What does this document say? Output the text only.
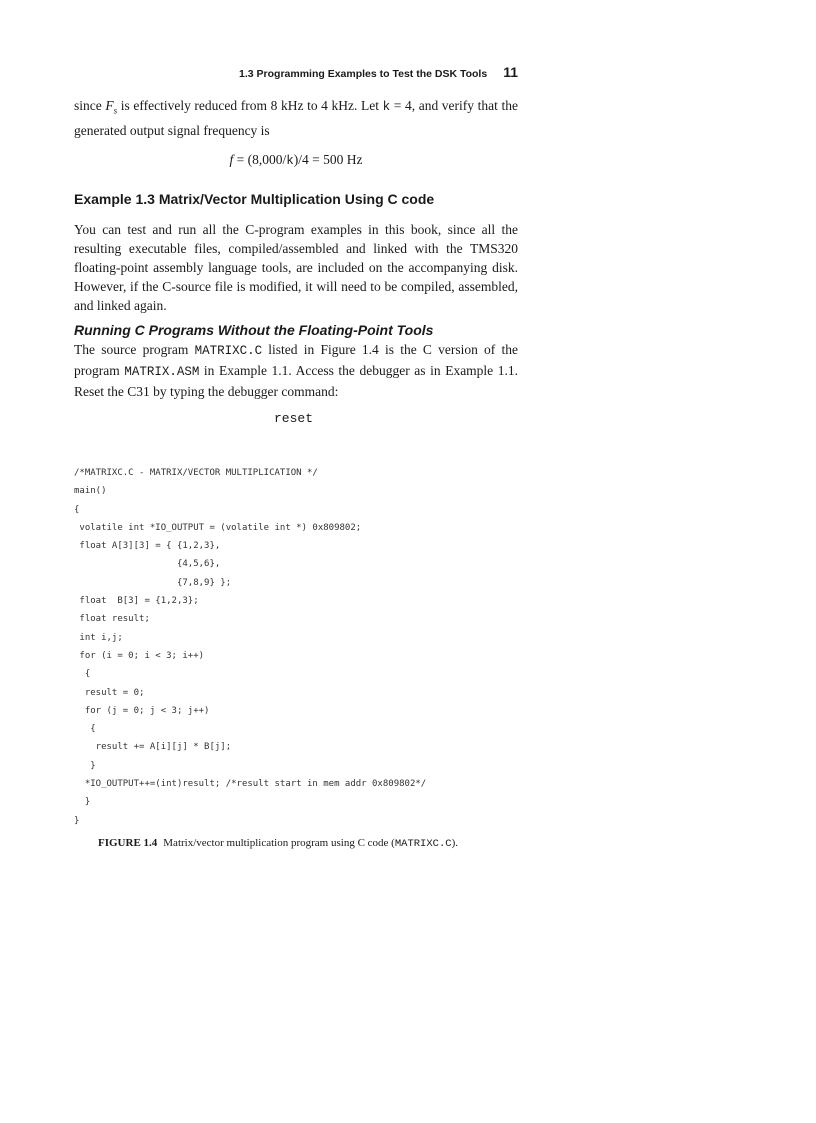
1.3 Programming Examples to Test the DSK Tools 11
since $F_s$ is effectively reduced from 8 kHz to 4 kHz. Let k = 4, and verify that the generated output signal frequency is
f = (8,000/k)/4 = 500 Hz
Example 1.3 Matrix/Vector Multiplication Using C code
You can test and run all the C-program examples in this book, since all the resulting executable files, compiled/assembled and linked with the TMS320 floating-point assembly language tools, are included on the accompanying disk. However, if the C-source file is modified, it will need to be compiled, assembled, and linked again.
Running C Programs Without the Floating-Point Tools
The source program MATRIXC.C listed in Figure 1.4 is the C version of the program MATRIX.ASM in Example 1.1. Access the debugger as in Example 1.1. Reset the C31 by typing the debugger command:
reset
/*MATRIXC.C - MATRIX/VECTOR MULTIPLICATION */
main()
{
volatile int *IO_OUTPUT = (volatile int *) 0x809802;
float A[3][3] = { {1,2,3},
{4,5,6},
{7,8,9} };
float  B[3] = {1,2,3};
float result;
int i,j;
for (i = 0; i < 3; i++)
{
result = 0;
for (j = 0; j < 3; j++)
{
result += A[i][j] * B[j];
}
*IO_OUTPUT++=(int)result; /*result start in mem addr 0x809802*/
}
}
FIGURE 1.4 Matrix/vector multiplication program using C code (MATRIXC.C).
